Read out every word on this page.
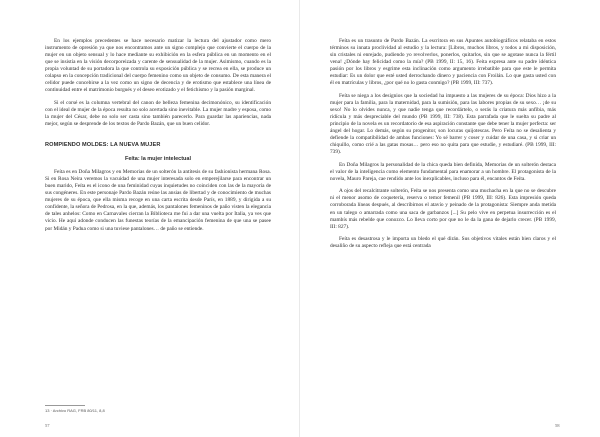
En los ejemplos precedentes se hace necesario matizar la lectura del ajustador como mero instrumento de opresión ya que nos encontramos ante un signo complejo que convierte el cuerpo de la mujer en un objeto sensual y lo hace mediante su exhibición en la esfera pública en un momento en el que se insistía en la visión decorporeizada y carente de sensualidad de la mujer. Asimismo, cuando es la propia voluntad de su portadora la que controla su exposición pública y se recrea en ella, se produce un colapso en la concepción tradicional del cuerpo femenino como un objeto de consumo. De esta manera el celidor puede concebirse a la vez como un signo de decencia y de erotismo que establece una línea de continuidad entre el matrimonio burgués y el deseo erotizado y el fetichismo y la pasión marginal.

Si el corsé es la columna vertebral del canon de belleza femenina decimonónico, su identificación con el ideal de mujer de la época resulta no solo acertada sino inevitable. La mujer madre y esposa, como la mujer del César, debe no solo ser casta sino también parecerlo. Para guardar las apariencias, nada mejor, según se desprende de los textos de Pardo Bazán, que un buen celidor.

ROMPIENDO MOLDES: LA NUEVA MUJER
Feíta: la mujer intelectual

Feíta es en Doña Milagros y en Memorias de un solterón la antítesis de su fashionista hermana Rosa. Si en Rosa Neira veremos la vacuidad de una mujer interesada solo en emperejilarse para encontrar un buen marido, Feíta es el icono de una feminidad cuyas inquietudes no coinciden con las de la mayoría de sus congéneres. En este personaje Pardo Bazán reúne las ansias de libertad y de conocimiento de muchas mujeres de su época, que ella misma recoge en una carta escrita desde París, en 1889, y dirigida a su confidente, la señora de Pedrosa, en la que, además, los pantalones femeninos de paño visten la elegancia de tales anhelos: Como en Carnavales cierran la Biblioteca me fui a dar una vuelta por Italia, ya ves que vicio. He aquí adonde conducen las funestas teorías de la emancipación femenina de que una se pasee por Midán y Padua como si una tuviese pantalones… de paño se entiende.

13 · Archivo RAG, FRB 80/11, 8,8
57

Feíta es un trasunto de Pardo Bazán. La escritora en sus Apuntes autobiográficos relataba en estos términos su innata proclividad al estudio y la lectura: [Libros, muchos libros, y todos a mi disposición, sin cristales ni enrejado, pudiendo yo revolverlos, ponerlos, quitarlos, sin que se agotase nunca la fértil vena! ¿Dónde hay felicidad como la mía? (PB 1999, II: 15, 16). Feíta expresa ante su padre idéntica pasión por los libros y esgrime esta inclinación como argumento irrebatible para que este le permita estudiar: Es un dolor que esté usted derrochando dinero y paciencia con Froilán. Lo que gasta usted con él en matrículas y libros, ¿por qué no lo gasta conmigo? (PB 1999, III: 737).

Feíta se niega a los designios que la sociedad ha impuesto a las mujeres de su época: Dios hizo a la mujer para la familia, para la maternidad, para la sumisión, para las labores propias de su sexo… ¡de su sexo! No lo olvides nunca, y que nadie tenga que recordártelo, o serás la criatura más anfibia, más ridícula y más despreciable del mundo (PB 1999, III: 738). Esta parrafada que le suelta su padre al principio de la novela es un recordatorio de esa aspiración constante que debe tener la mujer perfecta: ser ángel del hogar. Lo demás, según su progenitor, son locuras quijotescas. Pero Feíta no se desalienta y defiende la compatibilidad de ambas funciones: Yo sé barrer y coser y cuidar de una casa, y si criar un chiquillo, como crié a las gatas mosas… pero eso no quita para que estudie, y estudiaré. (PB 1999, III: 739).

En Doña Milagros la personalidad de la chica queda bien definida, Memorias de un solterón destaca el valor de la inteligencia como elemento fundamental para enamorar a un hombre. El protagonista de la novela, Mauro Pareja, cae rendido ante los inexplicables, incluso para él, encantos de Feíta.

A ojos del recalcitrante solterón, Feíta se nos presenta como una muchacha en la que no se descubre ni el menor asomo de coquetería, reserva o temor femenil (PB 1999, III: 826). Esta impresión queda corroborada líneas después, al describirnos el atavío y peinado de la protagonista: Siempre anda metida en un talego o amarrada como una saca de garbanzos [...] Su pelo vive en perpetua insurrección es el mambís más rebelde que conozco. Lo lleva corto por que no le da la gana de dejarlo crecer. (PB 1999, III: 827).

Feíta es desastrosa y le importa un bledo el qué dirán. Sus objetivos vitales están bien claros y el desaliño de su aspecto refleja que está centrada

58
